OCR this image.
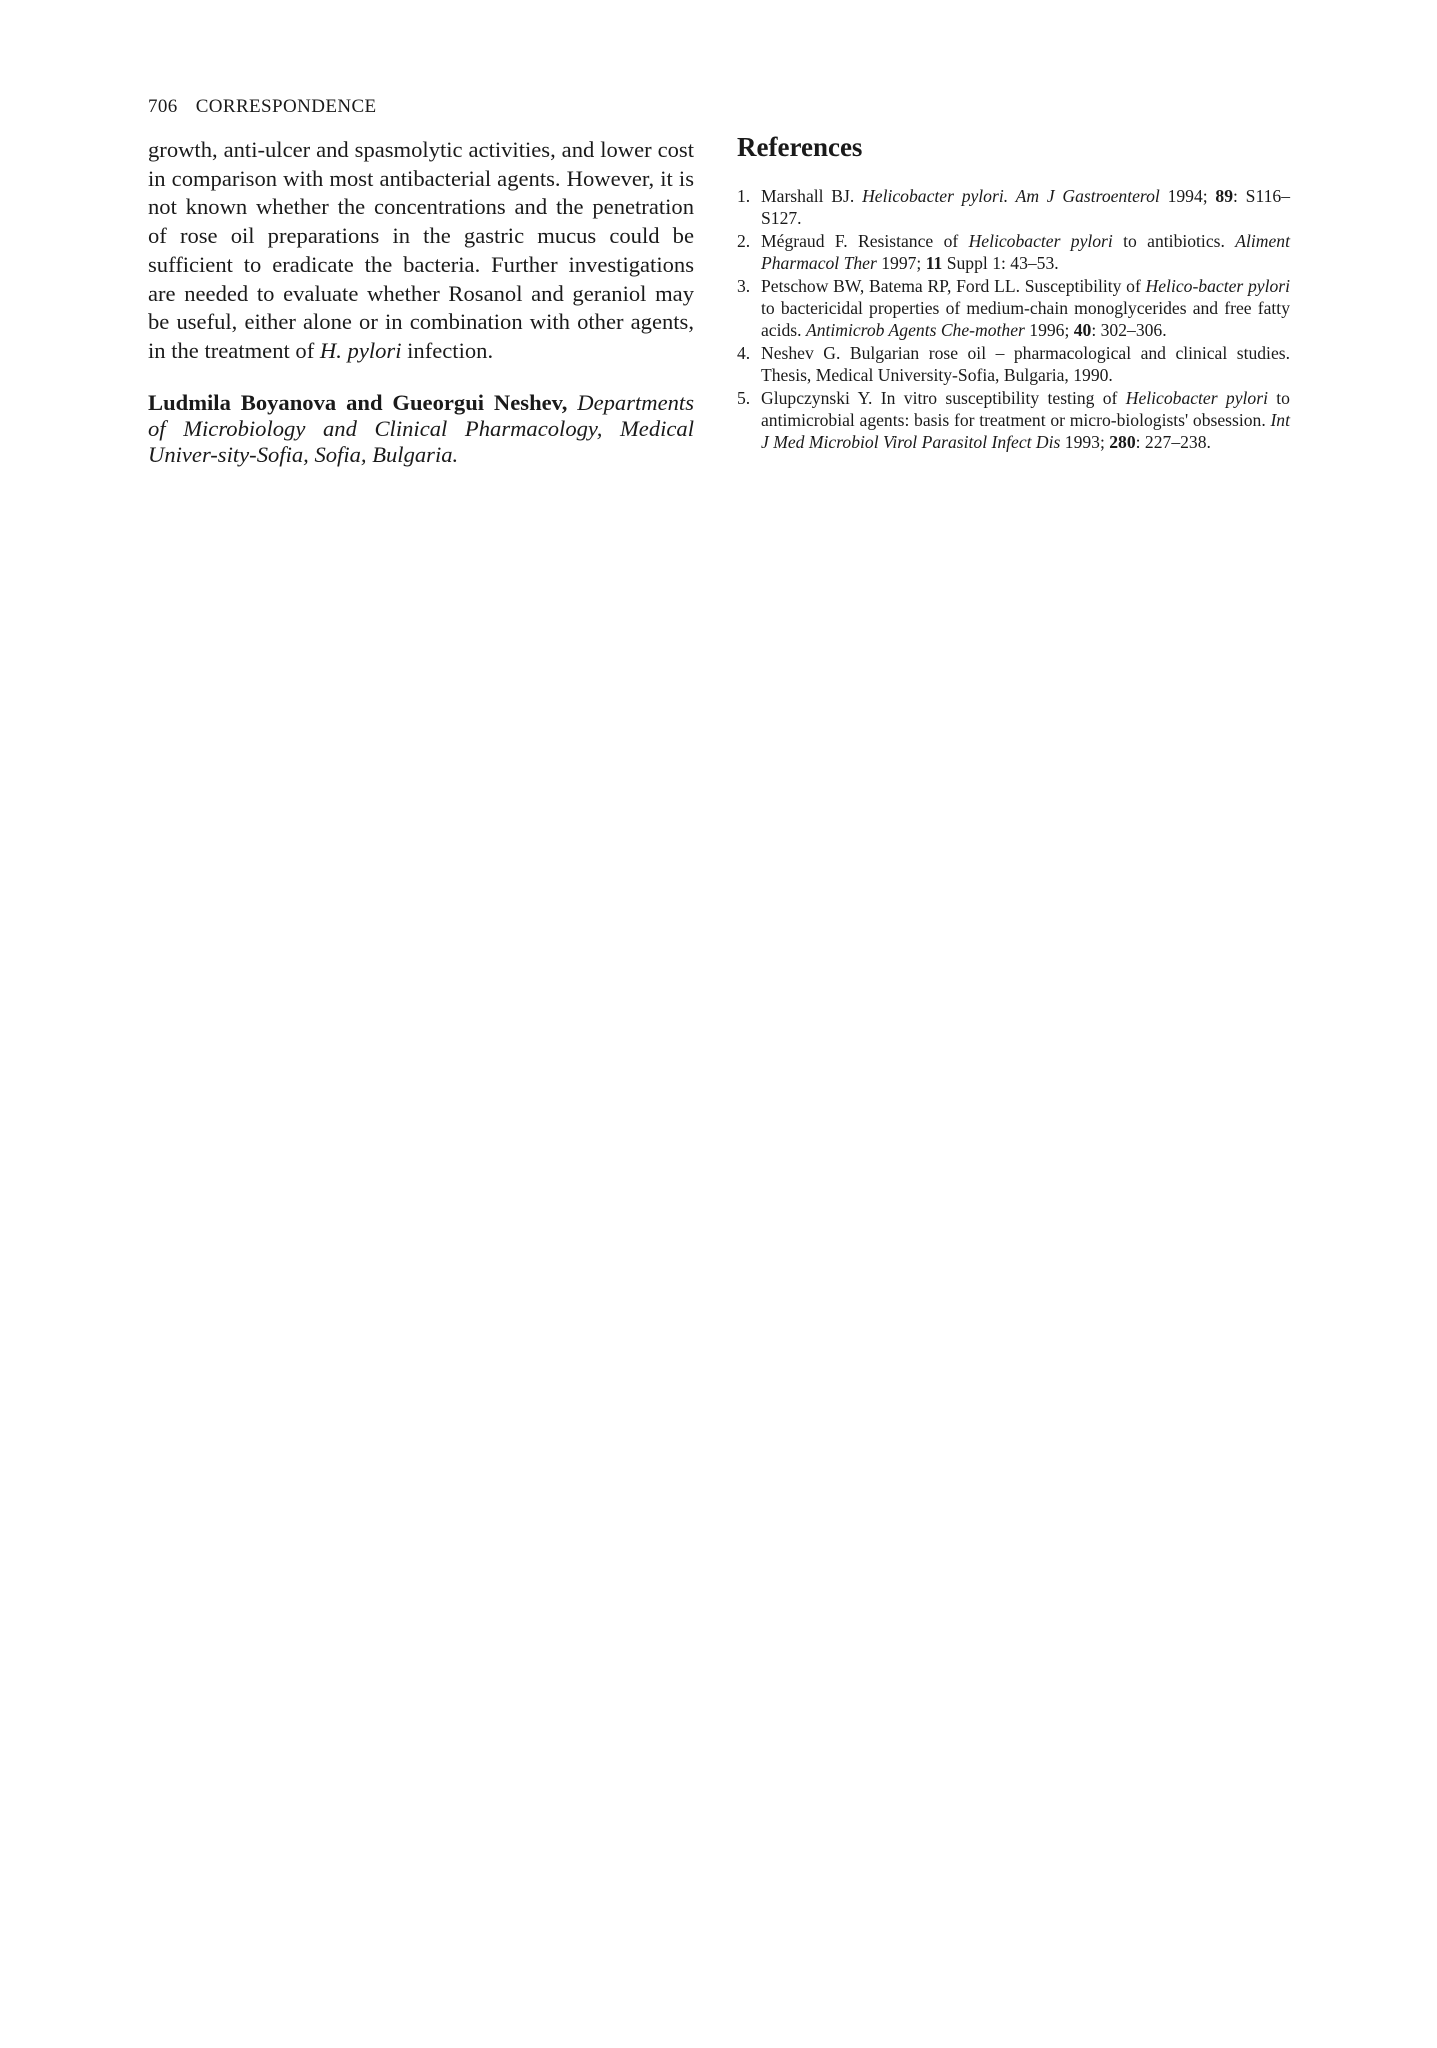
706 CORRESPONDENCE

growth, anti-ulcer and spasmolytic activities, and lower cost in comparison with most antibacterial agents. However, it is not known whether the concentrations and the penetration of rose oil preparations in the gastric mucus could be sufficient to eradicate the bacteria. Further investigations are needed to evaluate whether Rosanol and geraniol may be useful, either alone or in combination with other agents, in the treatment of H. pylori infection.

Ludmila Boyanova and Gueorgui Neshev, Departments of Microbiology and Clinical Pharmacology, Medical Univer-sity-Sofia, Sofia, Bulgaria.

References
1. Marshall BJ. Helicobacter pylori. Am J Gastroenterol 1994; 89: S116–S127.
2. Mégraud F. Resistance of Helicobacter pylori to antibiotics. Aliment Pharmacol Ther 1997; 11 Suppl 1: 43–53.
3. Petschow BW, Batema RP, Ford LL. Susceptibility of Helico-bacter pylori to bactericidal properties of medium-chain monoglycerides and free fatty acids. Antimicrob Agents Che-mother 1996; 40: 302–306.
4. Neshev G. Bulgarian rose oil – pharmacological and clinical studies. Thesis, Medical University-Sofia, Bulgaria, 1990.
5. Glupczynski Y. In vitro susceptibility testing of Helicobacter pylori to antimicrobial agents: basis for treatment or micro-biologists' obsession. Int J Med Microbiol Virol Parasitol Infect Dis 1993; 280: 227–238.
